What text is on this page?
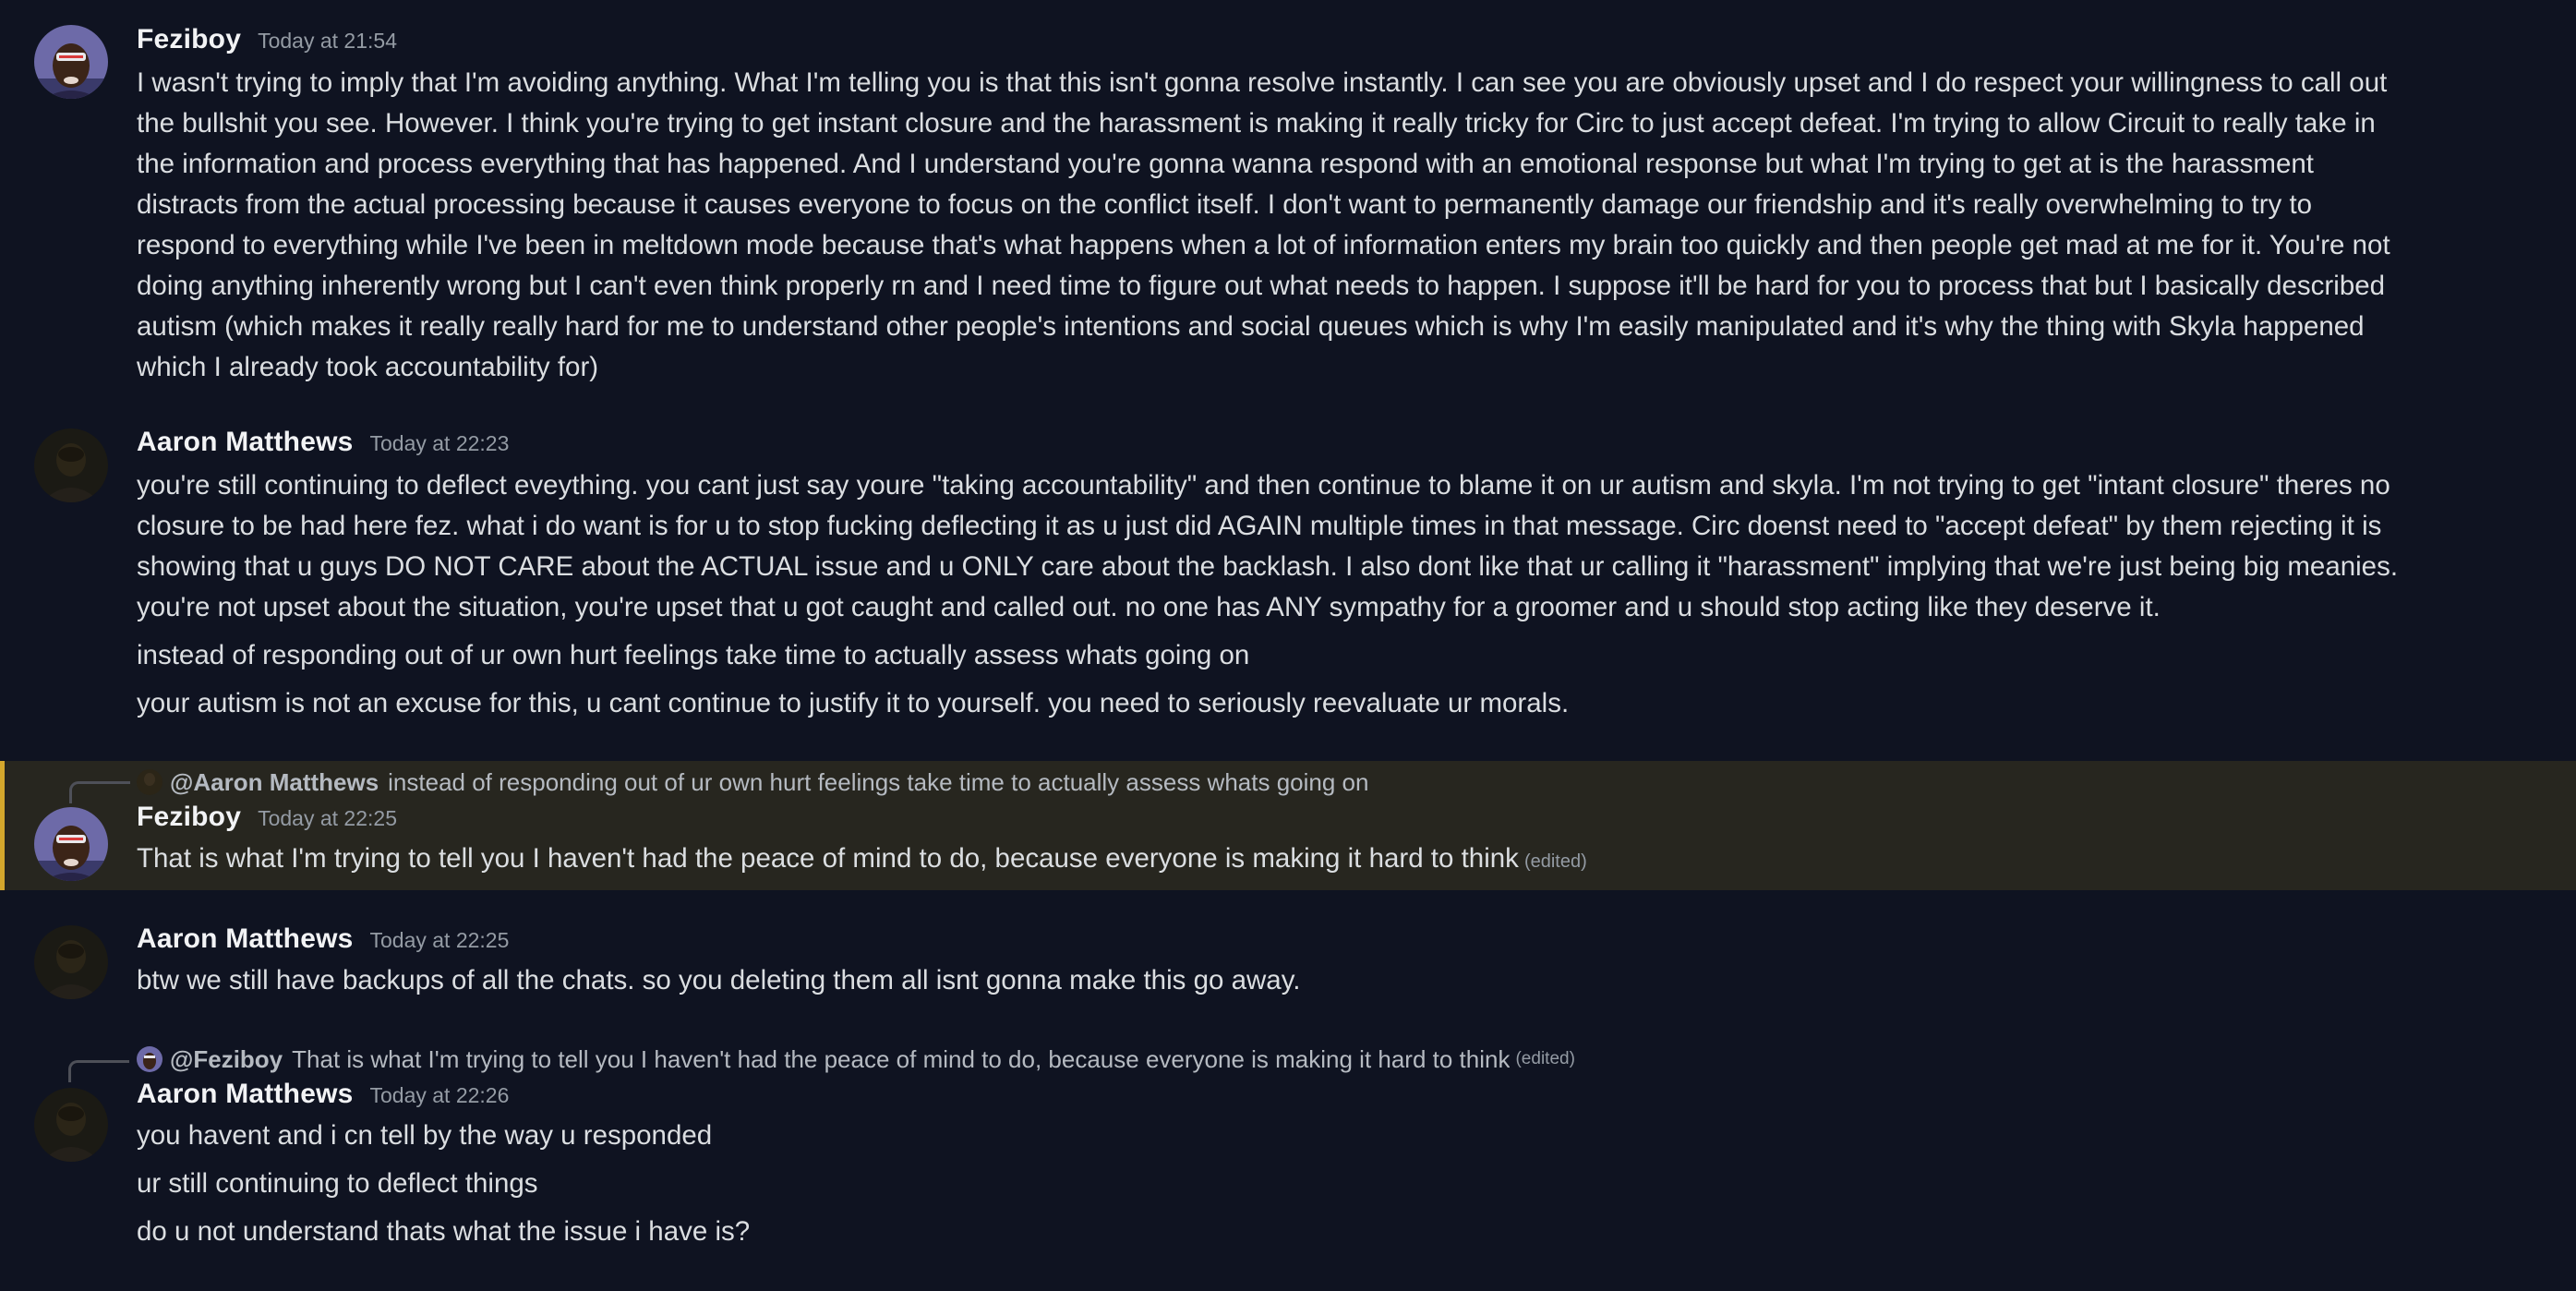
Feziboy Today at 21:54
I wasn't trying to imply that I'm avoiding anything. What I'm telling you is that this isn't gonna resolve instantly. I can see you are obviously upset and I do respect your willingness to call out
the bullshit you see. However. I think you're trying to get instant closure and the harassment is making it really tricky for Circ to just accept defeat. I'm trying to allow Circuit to really take in
the information and process everything that has happened. And I understand you're gonna wanna respond with an emotional response but what I'm trying to get at is the harassment
distracts from the actual processing because it causes everyone to focus on the conflict itself. I don't want to permanently damage our friendship and it's really overwhelming to try to
respond to everything while I've been in meltdown mode because that's what happens when a lot of information enters my brain too quickly and then people get mad at me for it. You're not
doing anything inherently wrong but I can't even think properly rn and I need time to figure out what needs to happen. I suppose it'll be hard for you to process that but I basically described
autism (which makes it really really hard for me to understand other people's intentions and social queues which is why I'm easily manipulated and it's why the thing with Skyla happened
which I already took accountability for)
Aaron Matthews Today at 22:23
you're still continuing to deflect eveything. you cant just say youre "taking accountability" and then continue to blame it on ur autism and skyla. I'm not trying to get "intant closure" theres no
closure to be had here fez. what i do want is for u to stop fucking deflecting it as u just did AGAIN multiple times in that message. Circ doenst need to "accept defeat" by them rejecting it is
showing that u guys DO NOT CARE about the ACTUAL issue and u ONLY care about the backlash. I also dont like that ur calling it "harassment" implying that we're just being big meanies.
you're not upset about the situation, you're upset that u got caught and called out. no one has ANY sympathy for a groomer and u should stop acting like they deserve it.
instead of responding out of ur own hurt feelings take time to actually assess whats going on
your autism is not an excuse for this, u cant continue to justify it to yourself. you need to seriously reevaluate ur morals.
@Aaron Matthews instead of responding out of ur own hurt feelings take time to actually assess whats going on
Feziboy Today at 22:25
That is what I'm trying to tell you I haven't had the peace of mind to do, because everyone is making it hard to think (edited)
Aaron Matthews Today at 22:25
btw we still have backups of all the chats. so you deleting them all isnt gonna make this go away.
@Feziboy That is what I'm trying to tell you I haven't had the peace of mind to do, because everyone is making it hard to think (edited)
Aaron Matthews Today at 22:26
you havent and i cn tell by the way u responded
ur still continuing to deflect things
do u not understand thats what the issue i have is?
